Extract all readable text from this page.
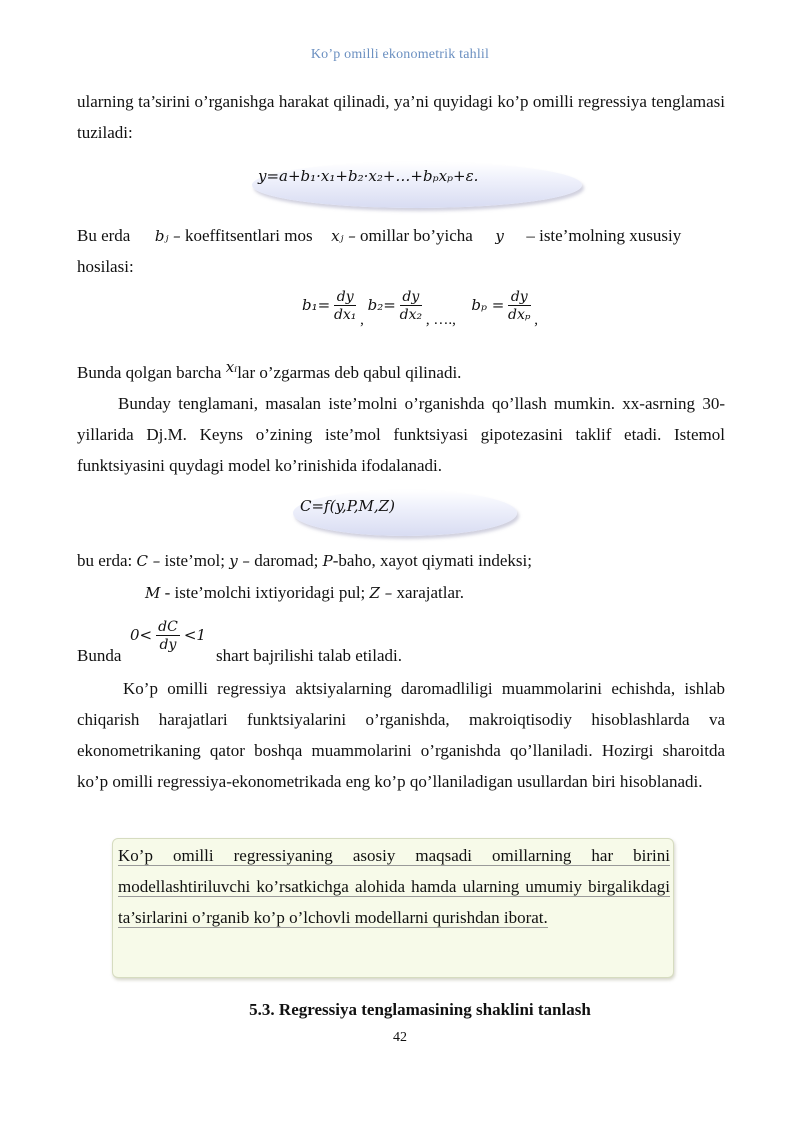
Ko’p omilli ekonometrik tahlil
ularning ta’sirini o’rganishga harakat qilinadi, ya’ni quyidagi ko’p omilli regressiya tenglamasi tuziladi:
y=a+b₁·x₁+b₂·x₂+…+bₚxₚ+ε.
Bu erda bⱼ – koeffitsentlari mos xⱼ – omillar bo’yicha y – iste’molning xususiy
hosilasi:
$b_1= \frac{dy}{\text{dx₁}}$ , $b_2= \frac{dy}{\text{dx₂}}$ , ….,  $b_p = \frac{dy}{\text{dxₚ}}$ ,
Bunda qolgan barcha xᵢlar o’zgarmas deb qabul qilinadi.
Bunday tenglamani, masalan iste’molni o’rganishda qo’llash mumkin. xx-asrning 30-yillarida Dj.M. Keyns o’zining iste’mol funktsiyasi gipotezasini taklif etadi. Istemol funktsiyasini quydagi model ko’rinishida ifodalanadi.
C=f(y,P,M,Z)
bu erda: C – iste’mol; y – daromad; P-baho, xayot qiymati indeksi;
M - iste’molchi ixtiyoridagi pul; Z – xarajatlar.
Bunda
$0< \frac{dC}{dy} <1$
shart bajrilishi talab etiladi.
Ko’p omilli regressiya aktsiyalarning daromadliligi muammolarini echishda, ishlab chiqarish harajatlari funktsiyalarini o’rganishda, makroiqtisodiy hisoblashlarda va ekonometrikaning qator boshqa muammolarini o’rganishda qo’llaniladi. Hozirgi sharoitda ko’p omilli regressiya-ekonometrikada eng ko’p qo’llaniladigan usullardan biri hisoblanadi.
Ko’p omilli regressiyaning asosiy maqsadi omillarning har birini modellashtiriluvchi ko’rsatkichga alohida hamda ularning umumiy birgalikdagi ta’sirlarini o’rganib ko’p o’lchovli modellarni qurishdan iborat.
5.3. Regressiya tenglamasining shaklini tanlash
42
